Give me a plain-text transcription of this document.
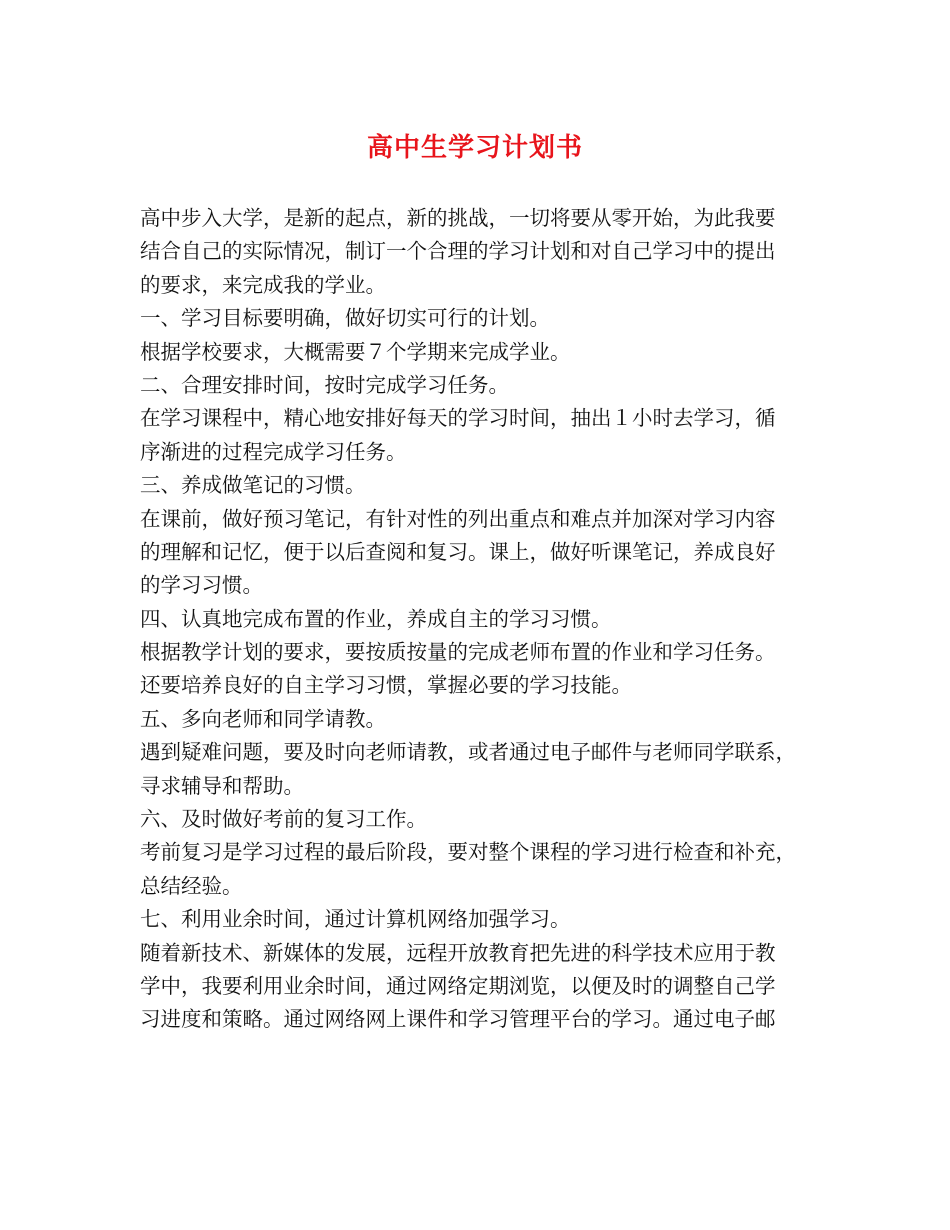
高中生学习计划书
高中步入大学，是新的起点，新的挑战，一切将要从零开始，为此我要
结合自己的实际情况，制订一个合理的学习计划和对自己学习中的提出
的要求，来完成我的学业。
一、学习目标要明确，做好切实可行的计划。
根据学校要求，大概需要７个学期来完成学业。
二、合理安排时间，按时完成学习任务。
在学习课程中，精心地安排好每天的学习时间，抽出１小时去学习，循
序渐进的过程完成学习任务。
三、养成做笔记的习惯。
在课前，做好预习笔记，有针对性的列出重点和难点并加深对学习内容
的理解和记忆，便于以后查阅和复习。课上，做好听课笔记，养成良好
的学习习惯。
四、认真地完成布置的作业，养成自主的学习习惯。
根据教学计划的要求，要按质按量的完成老师布置的作业和学习任务。
还要培养良好的自主学习习惯，掌握必要的学习技能。
五、多向老师和同学请教。
遇到疑难问题，要及时向老师请教，或者通过电子邮件与老师同学联系，
寻求辅导和帮助。
六、及时做好考前的复习工作。
考前复习是学习过程的最后阶段，要对整个课程的学习进行检查和补充，
总结经验。
七、利用业余时间，通过计算机网络加强学习。
随着新技术、新媒体的发展，远程开放教育把先进的科学技术应用于教
学中，我要利用业余时间，通过网络定期浏览，以便及时的调整自己学
习进度和策略。通过网络网上课件和学习管理平台的学习。通过电子邮
